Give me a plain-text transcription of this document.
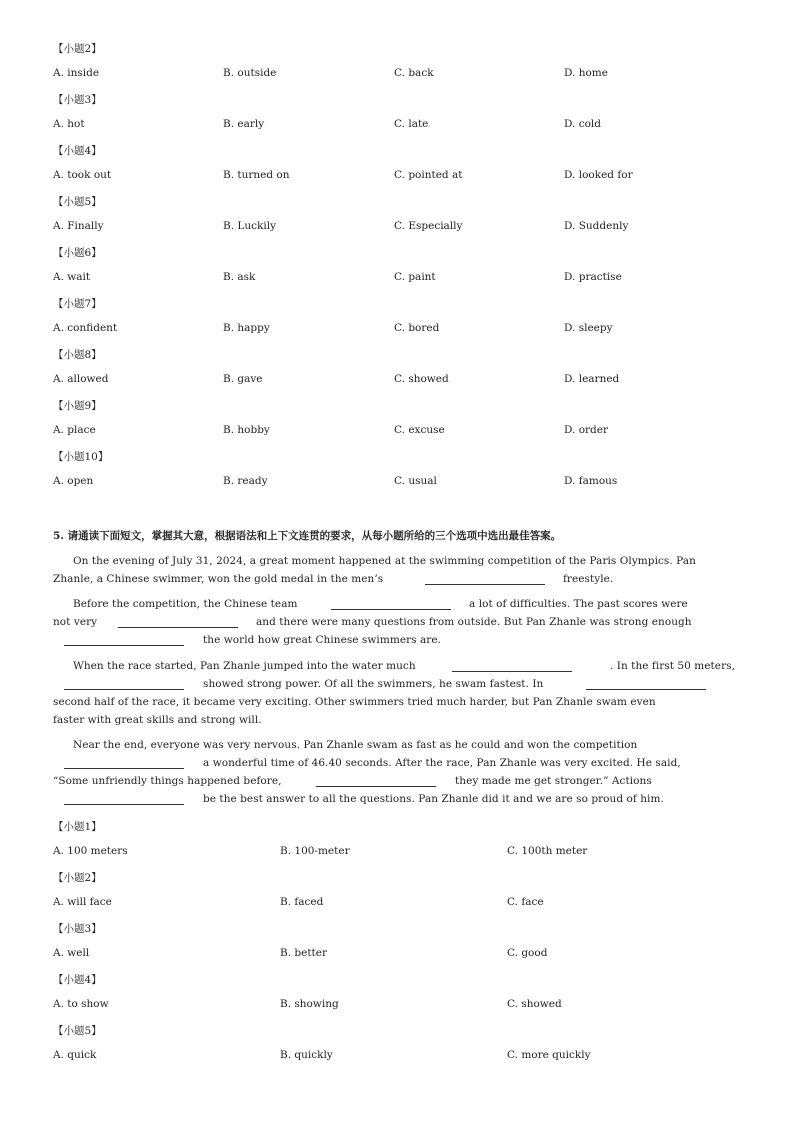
【小题2】
A. inside	B. outside	C. back	D. home
【小题3】
A. hot	B. early	C. late	D. cold
【小题4】
A. took out	B. turned on	C. pointed at	D. looked for
【小题5】
A. Finally	B. Luckily	C. Especially	D. Suddenly
【小题6】
A. wait	B. ask	C. paint	D. practise
【小题7】
A. confident	B. happy	C. bored	D. sleepy
【小题8】
A. allowed	B. gave	C. showed	D. learned
【小题9】
A. place	B. hobby	C. excuse	D. order
【小题10】
A. open	B. ready	C. usual	D. famous
5. 请通读下面短文，掌握其大意，根据语法和上下文连贯的要求，从每小题所给的三个选项中选出最佳答案。
On the evening of July 31, 2024, a great moment happened at the swimming competition of the Paris Olympics. Pan
Zhanle, a Chinese swimmer, won the gold medal in the men’s	freestyle.
Before the competition, the Chinese team	a lot of difficulties. The past scores were
not very	and there were many questions from outside. But Pan Zhanle was strong enough
the world how great Chinese swimmers are.
When the race started, Pan Zhanle jumped into the water much	. In the first 50 meters,
showed strong power. Of all the swimmers, he swam fastest. In
second half of the race, it became very exciting. Other swimmers tried much harder, but Pan Zhanle swam even
faster with great skills and strong will.
Near the end, everyone was very nervous. Pan Zhanle swam as fast as he could and won the competition
a wonderful time of 46.40 seconds. After the race, Pan Zhanle was very excited. He said,
“Some unfriendly things happened before,	they made me get stronger.” Actions
be the best answer to all the questions. Pan Zhanle did it and we are so proud of him.
【小题1】
A. 100 meters	B. 100-meter	C. 100th meter
【小题2】
A. will face	B. faced	C. face
【小题3】
A. well	B. better	C. good
【小题4】
A. to show	B. showing	C. showed
【小题5】
A. quick	B. quickly	C. more quickly
